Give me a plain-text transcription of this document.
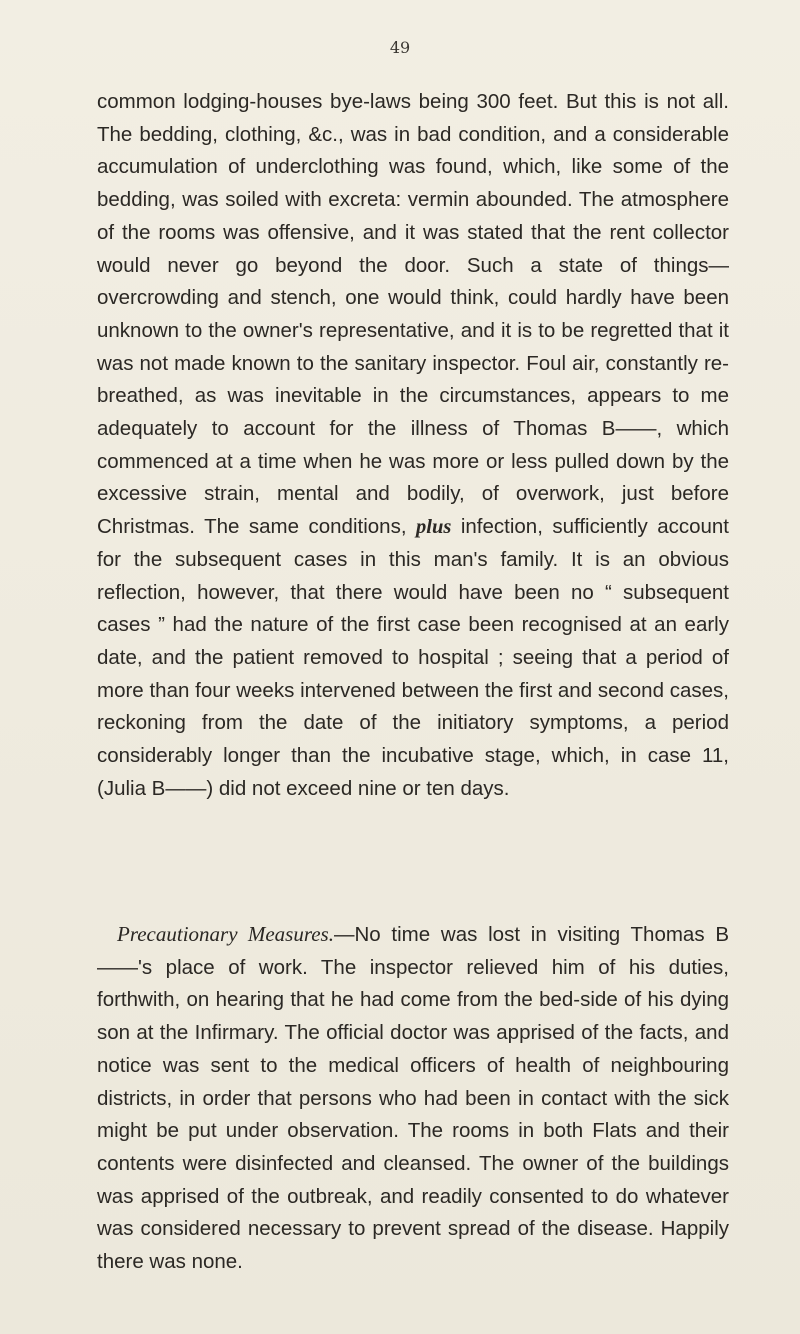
49

common lodging-houses bye-laws being 300 feet. But this is not all. The bedding, clothing, &c., was in bad condition, and a considerable accumulation of underclothing was found, which, like some of the bedding, was soiled with excreta: vermin abounded. The atmosphere of the rooms was offensive, and it was stated that the rent collector would never go beyond the door. Such a state of things—overcrowding and stench, one would think, could hardly have been unknown to the owner's representative, and it is to be regretted that it was not made known to the sanitary inspector. Foul air, constantly re-breathed, as was inevitable in the circumstances, appears to me adequately to account for the illness of Thomas B——, which commenced at a time when he was more or less pulled down by the excessive strain, mental and bodily, of overwork, just before Christmas. The same conditions, plus infection, sufficiently account for the subsequent cases in this man's family. It is an obvious reflection, however, that there would have been no “ subsequent cases ” had the nature of the first case been recognised at an early date, and the patient removed to hospital ; seeing that a period of more than four weeks intervened between the first and second cases, reckoning from the date of the initiatory symptoms, a period considerably longer than the incubative stage, which, in case 11, (Julia B——) did not exceed nine or ten days.

Precautionary Measures.—No time was lost in visiting Thomas B——'s place of work. The inspector relieved him of his duties, forthwith, on hearing that he had come from the bed-side of his dying son at the Infirmary. The official doctor was apprised of the facts, and notice was sent to the medical officers of health of neighbouring districts, in order that persons who had been in contact with the sick might be put under observation. The rooms in both Flats and their contents were disinfected and cleansed. The owner of the buildings was apprised of the outbreak, and readily consented to do whatever was considered necessary to prevent spread of the disease. Happily there was none.
